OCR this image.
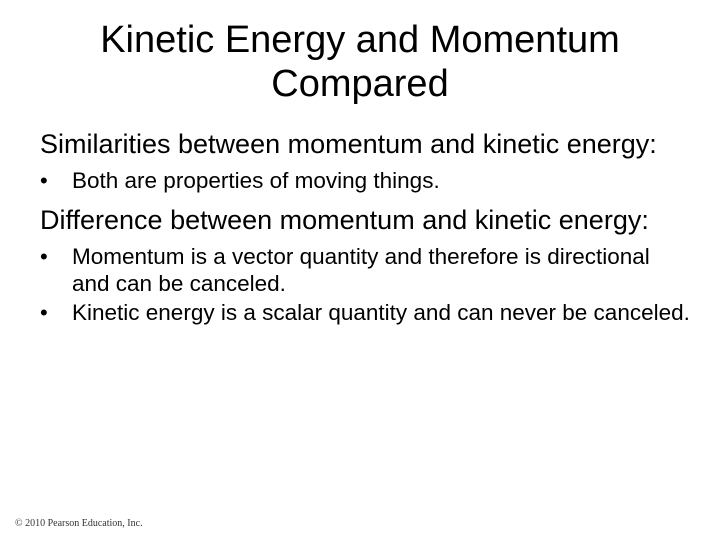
Kinetic Energy and Momentum
Compared

Similarities between momentum and kinetic energy:

•	Both are properties of moving things.

Difference between momentum and kinetic energy:

•	Momentum is a vector quantity and therefore is directional and can be canceled.
•	Kinetic energy is a scalar quantity and can never be canceled.
© 2010 Pearson Education, Inc.
